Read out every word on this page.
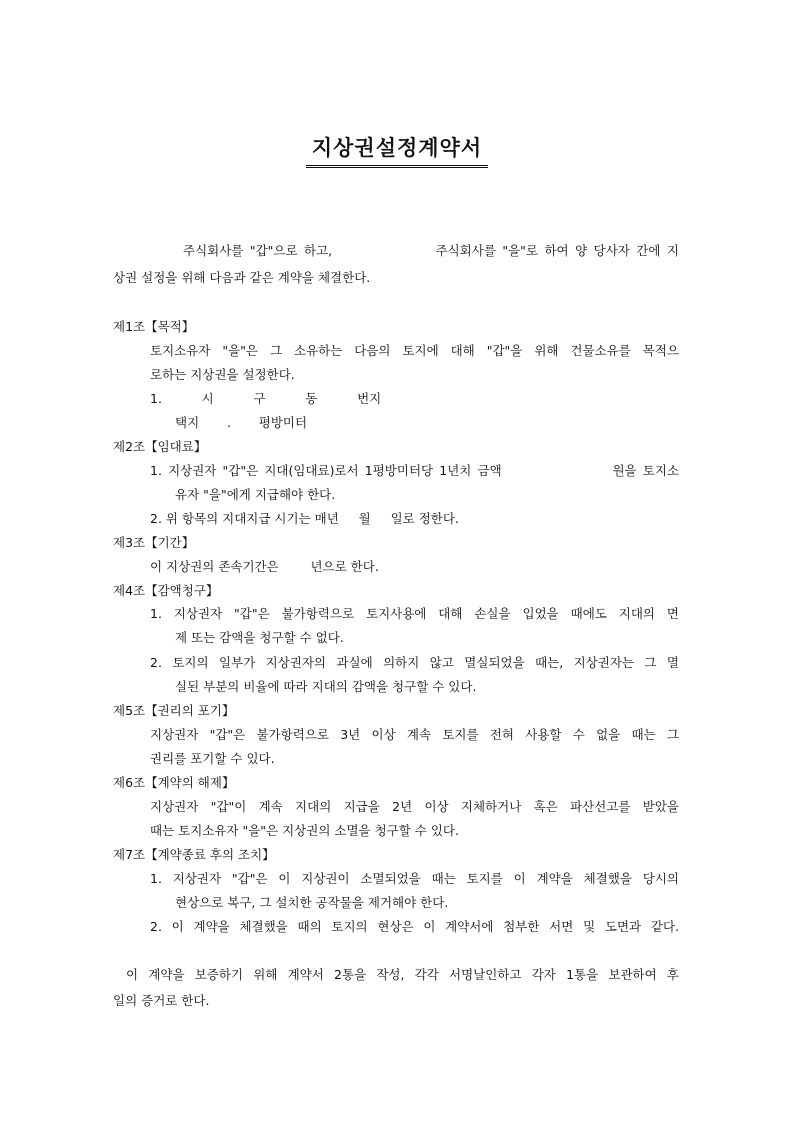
지상권설정계약서
주식회사를 "갑"으로 하고,                주식회사를 "을"로 하여 양 당사자 간에 지
상권 설정을 위해 다음과 같은 계약을 체결한다.
제1조【목적】
토지소유자 "을"은 그 소유하는 다음의 토지에 대해 "갑"을 위해 건물소유를 목적으
로하는 지상권을 설정한다.
1.          시          구          동          번지
택지       .       평방미터
제2조【임대료】
1. 지상권자 "갑"은 지대(임대료)로서 1평방미터당 1년치 금액                  원을 토지소
유자 "을"에게 지급해야 한다.
2. 위 항목의 지대지급 시기는 매년     월     일로 정한다.
제3조【기간】
이 지상권의 존속기간은        년으로 한다.
제4조【감액청구】
1. 지상권자 "갑"은 불가항력으로 토지사용에 대해 손실을 입었을 때에도 지대의 면
제 또는 감액을 청구할 수 없다.
2. 토지의 일부가 지상권자의 과실에 의하지 않고 멸실되었을 때는, 지상권자는 그 멸
실된 부분의 비율에 따라 지대의 감액을 청구할 수 있다.
제5조【권리의 포기】
지상권자 "갑"은 불가항력으로 3년 이상 계속 토지를 전혀 사용할 수 없을 때는 그
권리를 포기할 수 있다.
제6조【계약의 해제】
지상권자 "갑"이 계속 지대의 지급을 2년 이상 지체하거나 혹은 파산선고를 받았을
때는 토지소유자 "을"은 지상권의 소멸을 청구할 수 있다.
제7조【계약종료 후의 조치】
1. 지상권자 "갑"은 이 지상권이 소멸되었을 때는 토지를 이 계약을 체결했을 당시의
현상으로 복구, 그 설치한 공작물을 제거해야 한다.
2. 이 계약을 체결했을 때의 토지의 현상은 이 계약서에 첨부한 서면 및 도면과 같다.
이 계약을 보증하기 위해 계약서 2통을 작성, 각각 서명날인하고 각자 1통을 보관하여 후
일의 증거로 한다.
